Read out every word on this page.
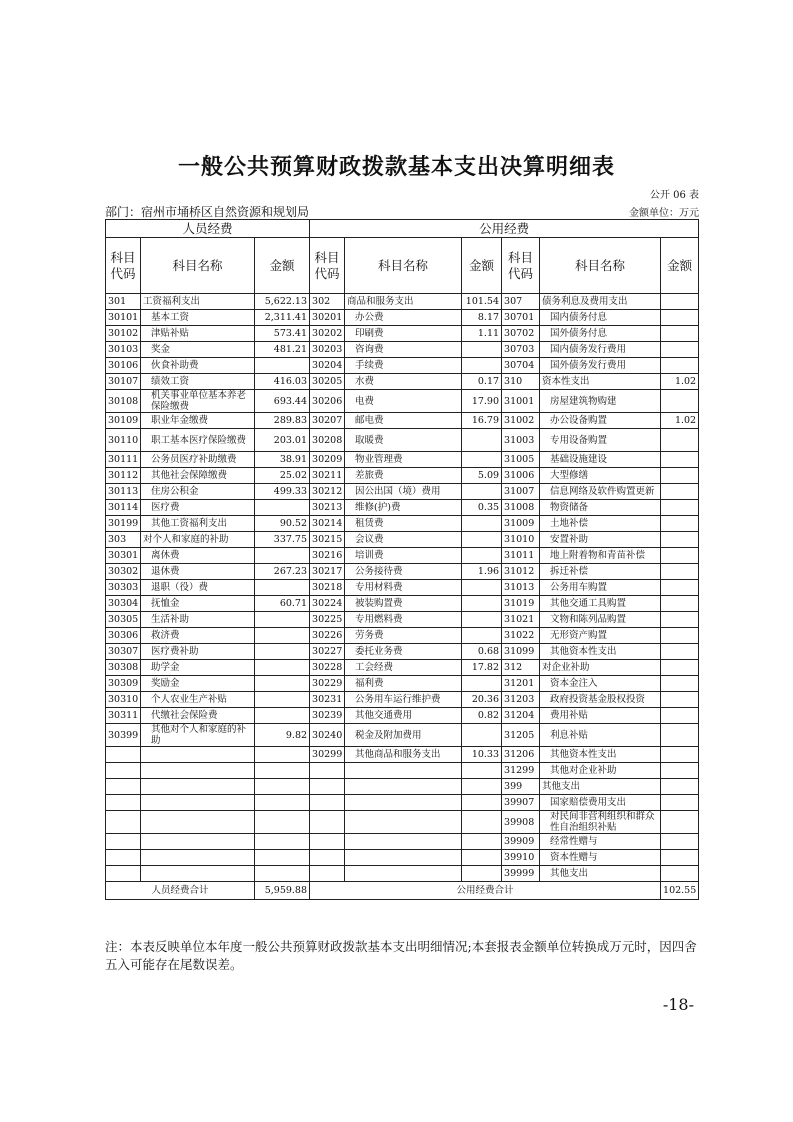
一般公共预算财政拨款基本支出决算明细表
公开 06 表
部门：宿州市埇桥区自然资源和规划局	金额单位：万元
人员经费			公用经费					
科目代码	科目名称	金额	科目代码	科目名称	金额	科目代码	科目名称	金额
301	工资福利支出	5,622.13	302	商品和服务支出	101.54	307	债务利息及费用支出	
30101	基本工资	2,311.41	30201	办公费	8.17	30701	国内债务付息	
30102	津贴补贴	573.41	30202	印刷费	1.11	30702	国外债务付息	
30103	奖金	481.21	30203	咨询费		30703	国内债务发行费用	
30106	伙食补助费		30204	手续费		30704	国外债务发行费用	
30107	绩效工资	416.03	30205	水费	0.17	310	资本性支出	1.02
30108	机关事业单位基本养老保险缴费	693.44	30206	电费	17.90	31001	房屋建筑物购建	
30109	职业年金缴费	289.83	30207	邮电费	16.79	31002	办公设备购置	1.02
30110	职工基本医疗保险缴费	203.01	30208	取暖费		31003	专用设备购置	
30111	公务员医疗补助缴费	38.91	30209	物业管理费		31005	基础设施建设	
30112	其他社会保障缴费	25.02	30211	差旅费	5.09	31006	大型修缮	
30113	住房公积金	499.33	30212	因公出国（境）费用		31007	信息网络及软件购置更新	
30114	医疗费		30213	维修(护)费	0.35	31008	物资储备	
30199	其他工资福利支出	90.52	30214	租赁费		31009	土地补偿	
303	对个人和家庭的补助	337.75	30215	会议费		31010	安置补助	
30301	离休费		30216	培训费		31011	地上附着物和青苗补偿	
30302	退休费	267.23	30217	公务接待费	1.96	31012	拆迁补偿	
30303	退职（役）费		30218	专用材料费		31013	公务用车购置	
30304	抚恤金	60.71	30224	被装购置费		31019	其他交通工具购置	
30305	生活补助		30225	专用燃料费		31021	文物和陈列品购置	
30306	救济费		30226	劳务费		31022	无形资产购置	
30307	医疗费补助		30227	委托业务费	0.68	31099	其他资本性支出	
30308	助学金		30228	工会经费	17.82	312	对企业补助	
30309	奖励金		30229	福利费		31201	资本金注入	
30310	个人农业生产补贴		30231	公务用车运行维护费	20.36	31203	政府投资基金股权投资	
30311	代缴社会保险费		30239	其他交通费用	0.82	31204	费用补贴	
30399	其他对个人和家庭的补助	9.82	30240	税金及附加费用		31205	利息补贴	
			30299	其他商品和服务支出	10.33	31206	其他资本性支出	
						31299	其他对企业补助	
						399	其他支出	
						39907	国家赔偿费用支出	
						39908	对民间非营利组织和群众性自治组织补贴	
						39909	经常性赠与	
						39910	资本性赠与	
						39999	其他支出	
人员经费合计		5,959.88	公用经费合计					102.55
注：本表反映单位本年度一般公共预算财政拨款基本支出明细情况;本套报表金额单位转换成万元时，因四舍五入可能存在尾数误差。
-18-
